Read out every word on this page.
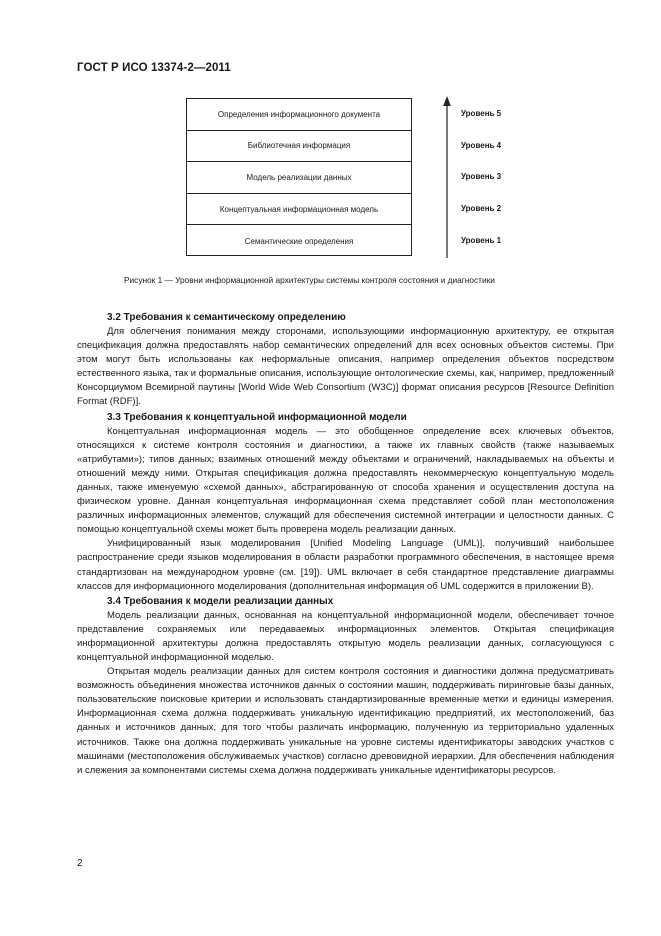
ГОСТ Р ИСО 13374-2—2011
Определения информационного документа
Библиотечная информация
Модель реализации данных
Концептуальная информационная модель
Семантические определения
Уровень 5
Уровень 4
Уровень 3
Уровень 2
Уровень 1
Рисунок 1 — Уровни информационной архитектуры системы контроля состояния и диагностики

3.2 Требования к семантическому определению

Для облегчения понимания между сторонами, использующими информационную архитектуру, ее открытая спецификация должна предоставлять набор семантических определений для всех основных объектов системы. При этом могут быть использованы как неформальные описания, например определения объектов посредством естественного языка, так и формальные описания, использующие онтологические схемы, как, например, предложенный Консорциумом Всемирной паутины [World Wide Web Consortium (W3C)] формат описания ресурсов [Resource Definition Format (RDF)].

3.3 Требования к концептуальной информационной модели

Концептуальная информационная модель — это обобщенное определение всех ключевых объектов, относящихся к системе контроля состояния и диагностики, а также их главных свойств (также называемых «атрибутами»); типов данных; взаимных отношений между объектами и ограничений, накладываемых на объекты и отношений между ними. Открытая спецификация должна предоставлять некоммерческую концептуальную модель данных, также именуемую «схемой данных», абстрагированную от способа хранения и осуществления доступа на физическом уровне. Данная концептуальная информационная схема представляет собой план местоположения различных информационных элементов, служащий для обеспечения системной интеграции и целостности данных. С помощью концептуальной схемы может быть проверена модель реализации данных.

Унифицированный язык моделирования [Unified Modeling Language (UML)], получивший наибольшее распространение среди языков моделирования в области разработки программного обеспечения, в настоящее время стандартизован на международном уровне (см. [19]). UML включает в себя стандартное представление диаграммы классов для информационного моделирования (дополнительная информация об UML содержится в приложении B).

3.4 Требования к модели реализации данных

Модель реализации данных, основанная на концептуальной информационной модели, обеспечивает точное представление сохраняемых или передаваемых информационных элементов. Открытая спецификация информационной архитектуры должна предоставлять открытую модель реализации данных, согласующуюся с концептуальной информационной моделью.

Открытая модель реализации данных для систем контроля состояния и диагностики должна предусматривать возможность объединения множества источников данных о состоянии машин, поддерживать пиринговые базы данных, пользовательские поисковые критерии и использовать стандартизированные временные метки и единицы измерения. Информационная схема должна поддерживать уникальную идентификацию предприятий, их местоположений, баз данных и источников данных, для того чтобы различать информацию, полученную из территориально удаленных источников. Также она должна поддерживать уникальные на уровне системы идентификаторы заводских участков с машинами (местоположения обслуживаемых участков) согласно древовидной иерархии. Для обеспечения наблюдения и слежения за компонентами системы схема должна поддерживать уникальные идентификаторы ресурсов.

2
